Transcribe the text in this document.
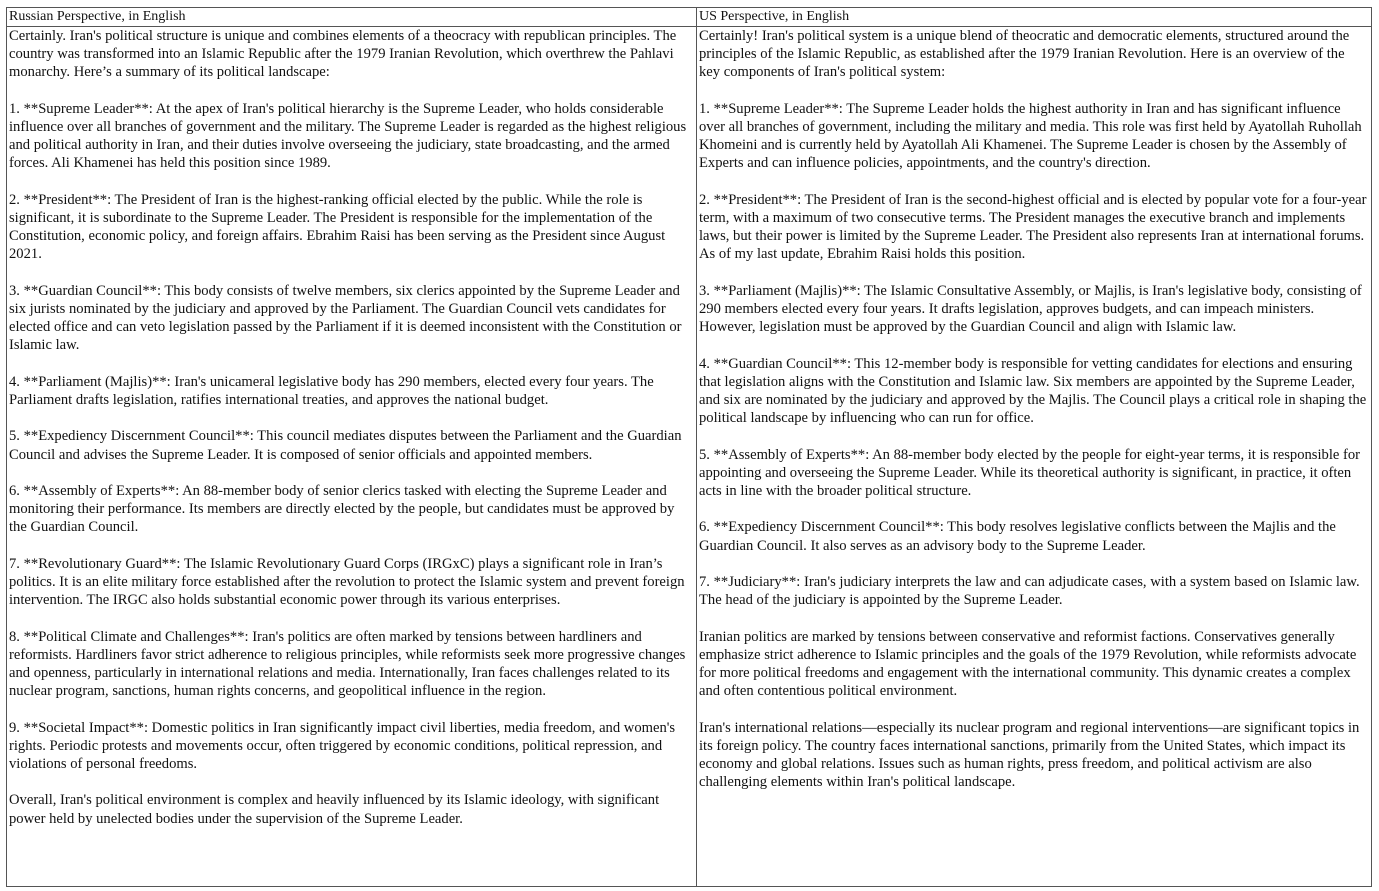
Russian Perspective, in English	US Perspective, in English

Certainly. Iran's political structure is unique and combines elements of a theocracy with republican principles. The country was transformed into an Islamic Republic after the 1979 Iranian Revolution, which overthrew the Pahlavi monarchy. Here’s a summary of its political landscape:

1. **Supreme Leader**: At the apex of Iran's political hierarchy is the Supreme Leader, who holds considerable influence over all branches of government and the military. The Supreme Leader is regarded as the highest religious and political authority in Iran, and their duties involve overseeing the judiciary, state broadcasting, and the armed forces. Ali Khamenei has held this position since 1989.

2. **President**: The President of Iran is the highest-ranking official elected by the public. While the role is significant, it is subordinate to the Supreme Leader. The President is responsible for the implementation of the Constitution, economic policy, and foreign affairs. Ebrahim Raisi has been serving as the President since August 2021.

3. **Guardian Council**: This body consists of twelve members, six clerics appointed by the Supreme Leader and six jurists nominated by the judiciary and approved by the Parliament. The Guardian Council vets candidates for elected office and can veto legislation passed by the Parliament if it is deemed inconsistent with the Constitution or Islamic law.

4. **Parliament (Majlis)**: Iran's unicameral legislative body has 290 members, elected every four years. The Parliament drafts legislation, ratifies international treaties, and approves the national budget.

5. **Expediency Discernment Council**: This council mediates disputes between the Parliament and the Guardian Council and advises the Supreme Leader. It is composed of senior officials and appointed members.

6. **Assembly of Experts**: An 88-member body of senior clerics tasked with electing the Supreme Leader and monitoring their performance. Its members are directly elected by the people, but candidates must be approved by the Guardian Council.

7. **Revolutionary Guard**: The Islamic Revolutionary Guard Corps (IRGxC) plays a significant role in Iran’s politics. It is an elite military force established after the revolution to protect the Islamic system and prevent foreign intervention. The IRGC also holds substantial economic power through its various enterprises.

8. **Political Climate and Challenges**: Iran's politics are often marked by tensions between hardliners and reformists. Hardliners favor strict adherence to religious principles, while reformists seek more progressive changes and openness, particularly in international relations and media. Internationally, Iran faces challenges related to its nuclear program, sanctions, human rights concerns, and geopolitical influence in the region.

9. **Societal Impact**: Domestic politics in Iran significantly impact civil liberties, media freedom, and women's rights. Periodic protests and movements occur, often triggered by economic conditions, political repression, and violations of personal freedoms.

Overall, Iran's political environment is complex and heavily influenced by its Islamic ideology, with significant power held by unelected bodies under the supervision of the Supreme Leader.

Certainly! Iran's political system is a unique blend of theocratic and democratic elements, structured around the principles of the Islamic Republic, as established after the 1979 Iranian Revolution. Here is an overview of the key components of Iran's political system:

1. **Supreme Leader**: The Supreme Leader holds the highest authority in Iran and has significant influence over all branches of government, including the military and media. This role was first held by Ayatollah Ruhollah Khomeini and is currently held by Ayatollah Ali Khamenei. The Supreme Leader is chosen by the Assembly of Experts and can influence policies, appointments, and the country's direction.

2. **President**: The President of Iran is the second-highest official and is elected by popular vote for a four-year term, with a maximum of two consecutive terms. The President manages the executive branch and implements laws, but their power is limited by the Supreme Leader. The President also represents Iran at international forums. As of my last update, Ebrahim Raisi holds this position.

3. **Parliament (Majlis)**: The Islamic Consultative Assembly, or Majlis, is Iran's legislative body, consisting of 290 members elected every four years. It drafts legislation, approves budgets, and can impeach ministers. However, legislation must be approved by the Guardian Council and align with Islamic law.

4. **Guardian Council**: This 12-member body is responsible for vetting candidates for elections and ensuring that legislation aligns with the Constitution and Islamic law. Six members are appointed by the Supreme Leader, and six are nominated by the judiciary and approved by the Majlis. The Council plays a critical role in shaping the political landscape by influencing who can run for office.

5. **Assembly of Experts**: An 88-member body elected by the people for eight-year terms, it is responsible for appointing and overseeing the Supreme Leader. While its theoretical authority is significant, in practice, it often acts in line with the broader political structure.

6. **Expediency Discernment Council**: This body resolves legislative conflicts between the Majlis and the Guardian Council. It also serves as an advisory body to the Supreme Leader.

7. **Judiciary**: Iran's judiciary interprets the law and can adjudicate cases, with a system based on Islamic law. The head of the judiciary is appointed by the Supreme Leader.

Iranian politics are marked by tensions between conservative and reformist factions. Conservatives generally emphasize strict adherence to Islamic principles and the goals of the 1979 Revolution, while reformists advocate for more political freedoms and engagement with the international community. This dynamic creates a complex and often contentious political environment.

Iran's international relations—especially its nuclear program and regional interventions—are significant topics in its foreign policy. The country faces international sanctions, primarily from the United States, which impact its economy and global relations. Issues such as human rights, press freedom, and political activism are also challenging elements within Iran's political landscape.
